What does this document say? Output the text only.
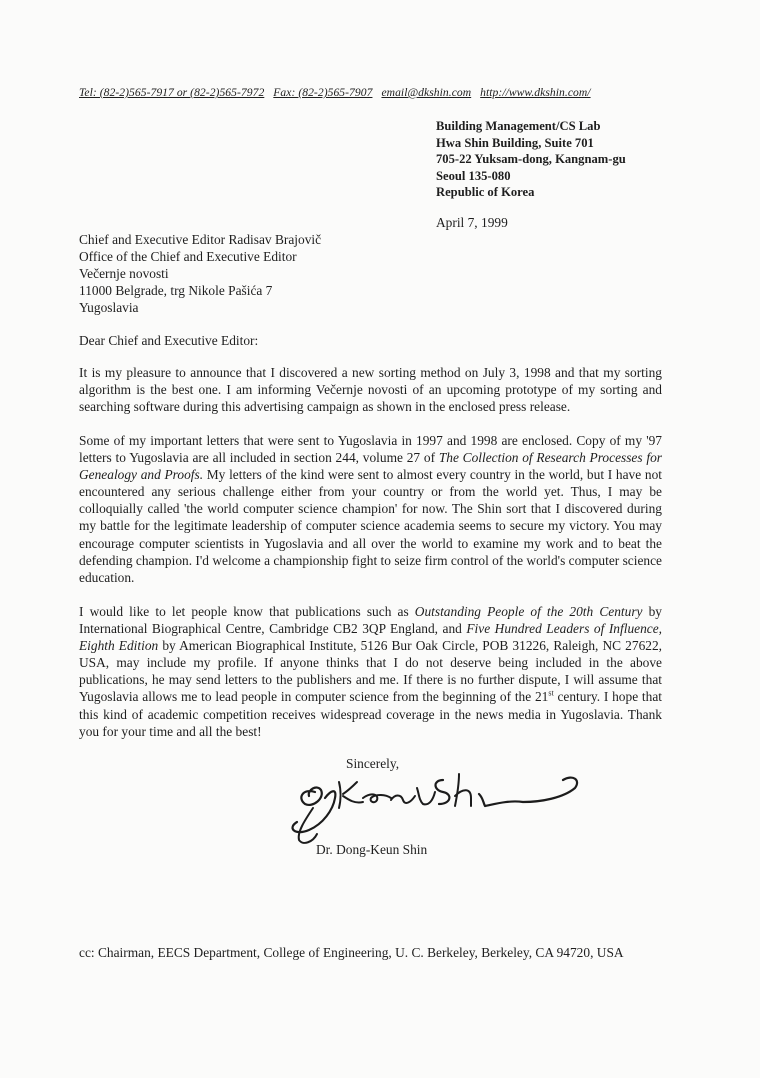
Tel: (82-2)565-7917 or (82-2)565-7972 Fax: (82-2)565-7907 email@dkshin.com http://www.dkshin.com/
Building Management/CS Lab
Hwa Shin Building, Suite 701
705-22 Yuksam-dong, Kangnam-gu
Seoul 135-080
Republic of Korea
April 7, 1999
Chief and Executive Editor Radisav Brajovič
Office of the Chief and Executive Editor
Večernje novosti
11000 Belgrade, trg Nikole Pašića 7
Yugoslavia
Dear Chief and Executive Editor:
It is my pleasure to announce that I discovered a new sorting method on July 3, 1998 and that my sorting algorithm is the best one. I am informing Večernje novosti of an upcoming prototype of my sorting and searching software during this advertising campaign as shown in the enclosed press release.
Some of my important letters that were sent to Yugoslavia in 1997 and 1998 are enclosed. Copy of my '97 letters to Yugoslavia are all included in section 244, volume 27 of The Collection of Research Processes for Genealogy and Proofs. My letters of the kind were sent to almost every country in the world, but I have not encountered any serious challenge either from your country or from the world yet. Thus, I may be colloquially called 'the world computer science champion' for now. The Shin sort that I discovered during my battle for the legitimate leadership of computer science academia seems to secure my victory. You may encourage computer scientists in Yugoslavia and all over the world to examine my work and to beat the defending champion. I'd welcome a championship fight to seize firm control of the world's computer science education.
I would like to let people know that publications such as Outstanding People of the 20th Century by International Biographical Centre, Cambridge CB2 3QP England, and Five Hundred Leaders of Influence, Eighth Edition by American Biographical Institute, 5126 Bur Oak Circle, POB 31226, Raleigh, NC 27622, USA, may include my profile. If anyone thinks that I do not deserve being included in the above publications, he may send letters to the publishers and me. If there is no further dispute, I will assume that Yugoslavia allows me to lead people in computer science from the beginning of the 21st century. I hope that this kind of academic competition receives widespread coverage in the news media in Yugoslavia. Thank you for your time and all the best!
Sincerely,
Dr. Dong-Keun Shin
cc: Chairman, EECS Department, College of Engineering, U. C. Berkeley, Berkeley, CA 94720, USA
